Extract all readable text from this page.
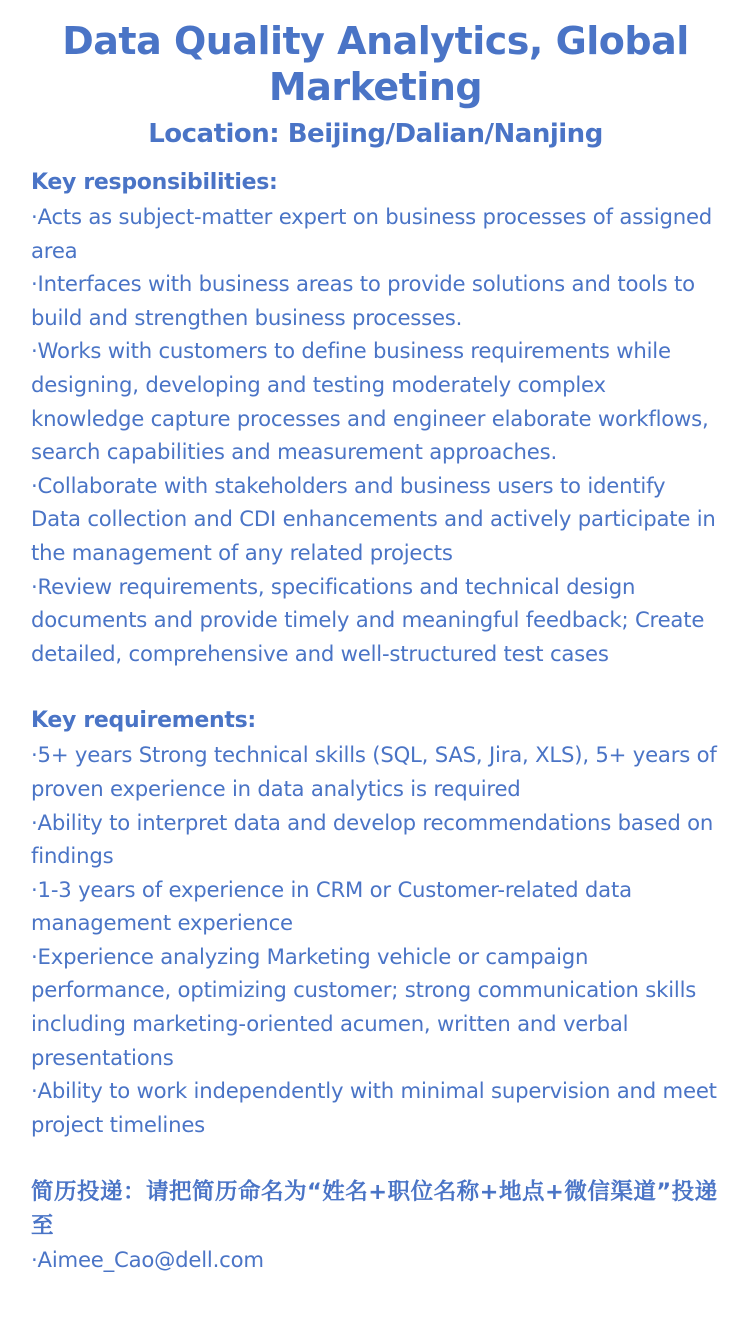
Data Quality Analytics, Global Marketing
Location: Beijing/Dalian/Nanjing
Key responsibilities:
·Acts as subject-matter expert on business processes of assigned area
·Interfaces with business areas to provide solutions and tools to build and strengthen business processes.
·Works with customers to define business requirements while designing, developing and testing moderately complex knowledge capture processes and engineer elaborate workflows, search capabilities and measurement approaches.
·Collaborate with stakeholders and business users to identify Data collection and CDI enhancements and actively participate in the management of any related projects
·Review requirements, specifications and technical design documents and provide timely and meaningful feedback; Create detailed, comprehensive and well-structured test cases
Key requirements:
·5+ years Strong technical skills (SQL, SAS, Jira, XLS), 5+ years of proven experience in data analytics is required
·Ability to interpret data and develop recommendations based on findings
·1-3 years of experience in CRM or Customer-related data management experience
·Experience analyzing Marketing vehicle or campaign performance, optimizing customer; strong communication skills including marketing-oriented acumen, written and verbal presentations
·Ability to work independently with minimal supervision and meet project timelines
简历投递：请把简历命名为“姓名+职位名称+地点+微信渠道”投递至
·Aimee_Cao@dell.com
